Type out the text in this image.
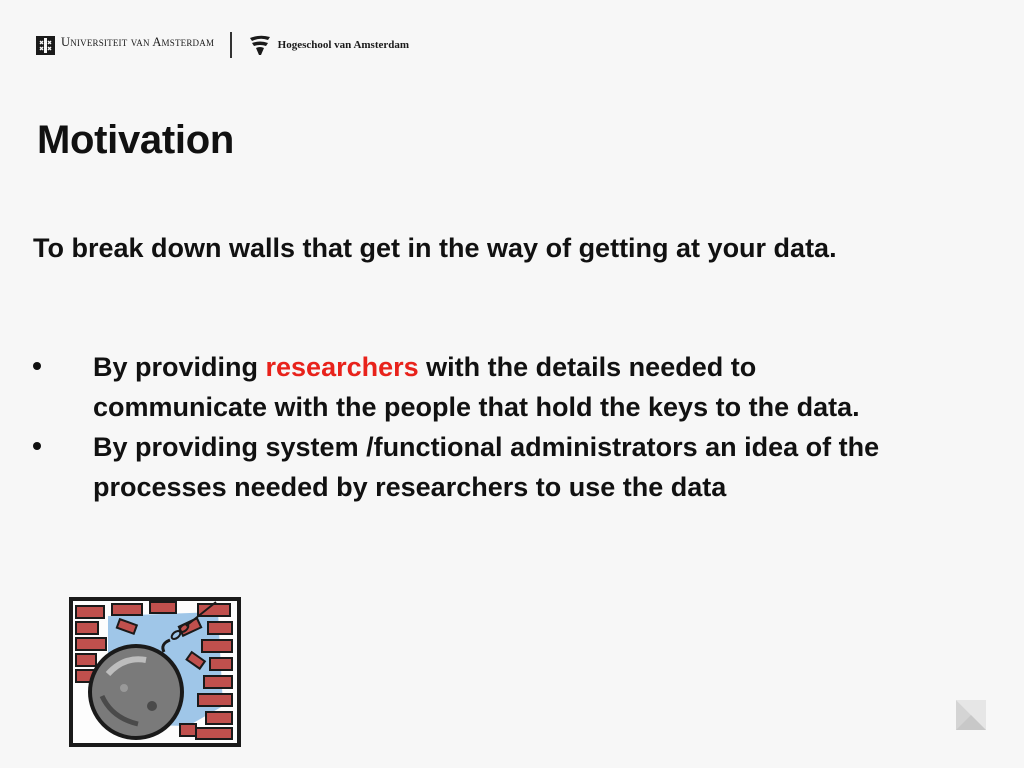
Universiteit van Amsterdam	Hogeschool van Amsterdam
Motivation

To break down walls that get in the way of getting at your data.

By providing researchers with the details needed to communicate with the people that hold the keys to the data.
By providing system /functional administrators an idea of the processes needed by researchers to use the data
